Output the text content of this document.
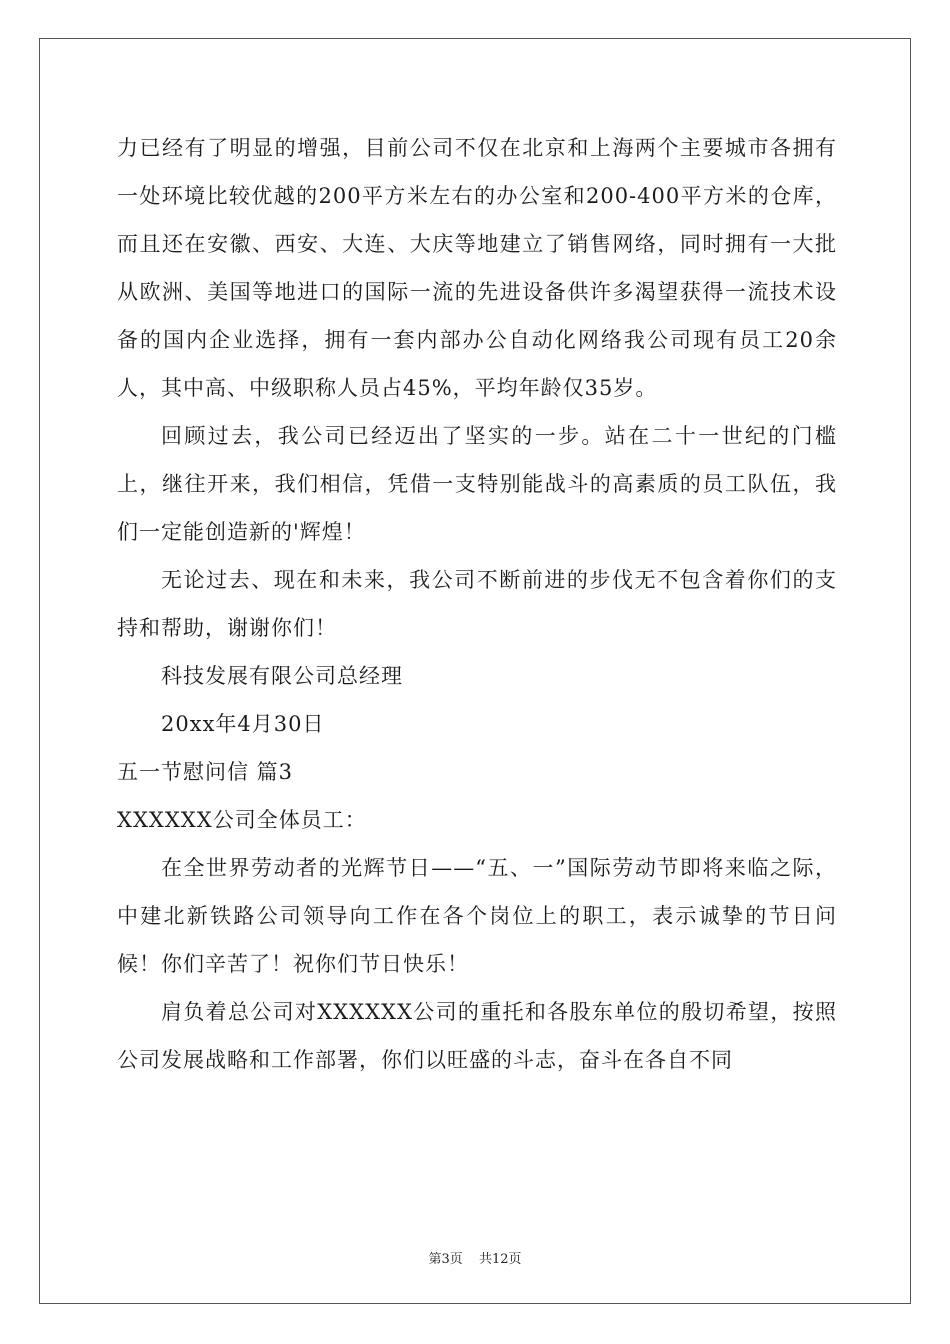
力已经有了明显的增强，目前公司不仅在北京和上海两个主要城市各拥有一处环境比较优越的200平方米左右的办公室和200-400平方米的仓库，而且还在安徽、西安、大连、大庆等地建立了销售网络，同时拥有一大批从欧洲、美国等地进口的国际一流的先进设备供许多渴望获得一流技术设备的国内企业选择，拥有一套内部办公自动化网络我公司现有员工20余人，其中高、中级职称人员占45%，平均年龄仅35岁。

回顾过去，我公司已经迈出了坚实的一步。站在二十一世纪的门槛上，继往开来，我们相信，凭借一支特别能战斗的高素质的员工队伍，我们一定能创造新的'辉煌！

无论过去、现在和未来，我公司不断前进的步伐无不包含着你们的支持和帮助，谢谢你们！

科技发展有限公司总经理

20xx年4月30日

五一节慰问信 篇3

XXXXXX公司全体员工：

在全世界劳动者的光辉节日——“五、一”国际劳动节即将来临之际，中建北新铁路公司领导向工作在各个岗位上的职工，表示诚挚的节日问候！你们辛苦了！祝你们节日快乐！

肩负着总公司对XXXXXX公司的重托和各股东单位的殷切希望，按照公司发展战略和工作部署，你们以旺盛的斗志，奋斗在各自不同

第3页 共12页
